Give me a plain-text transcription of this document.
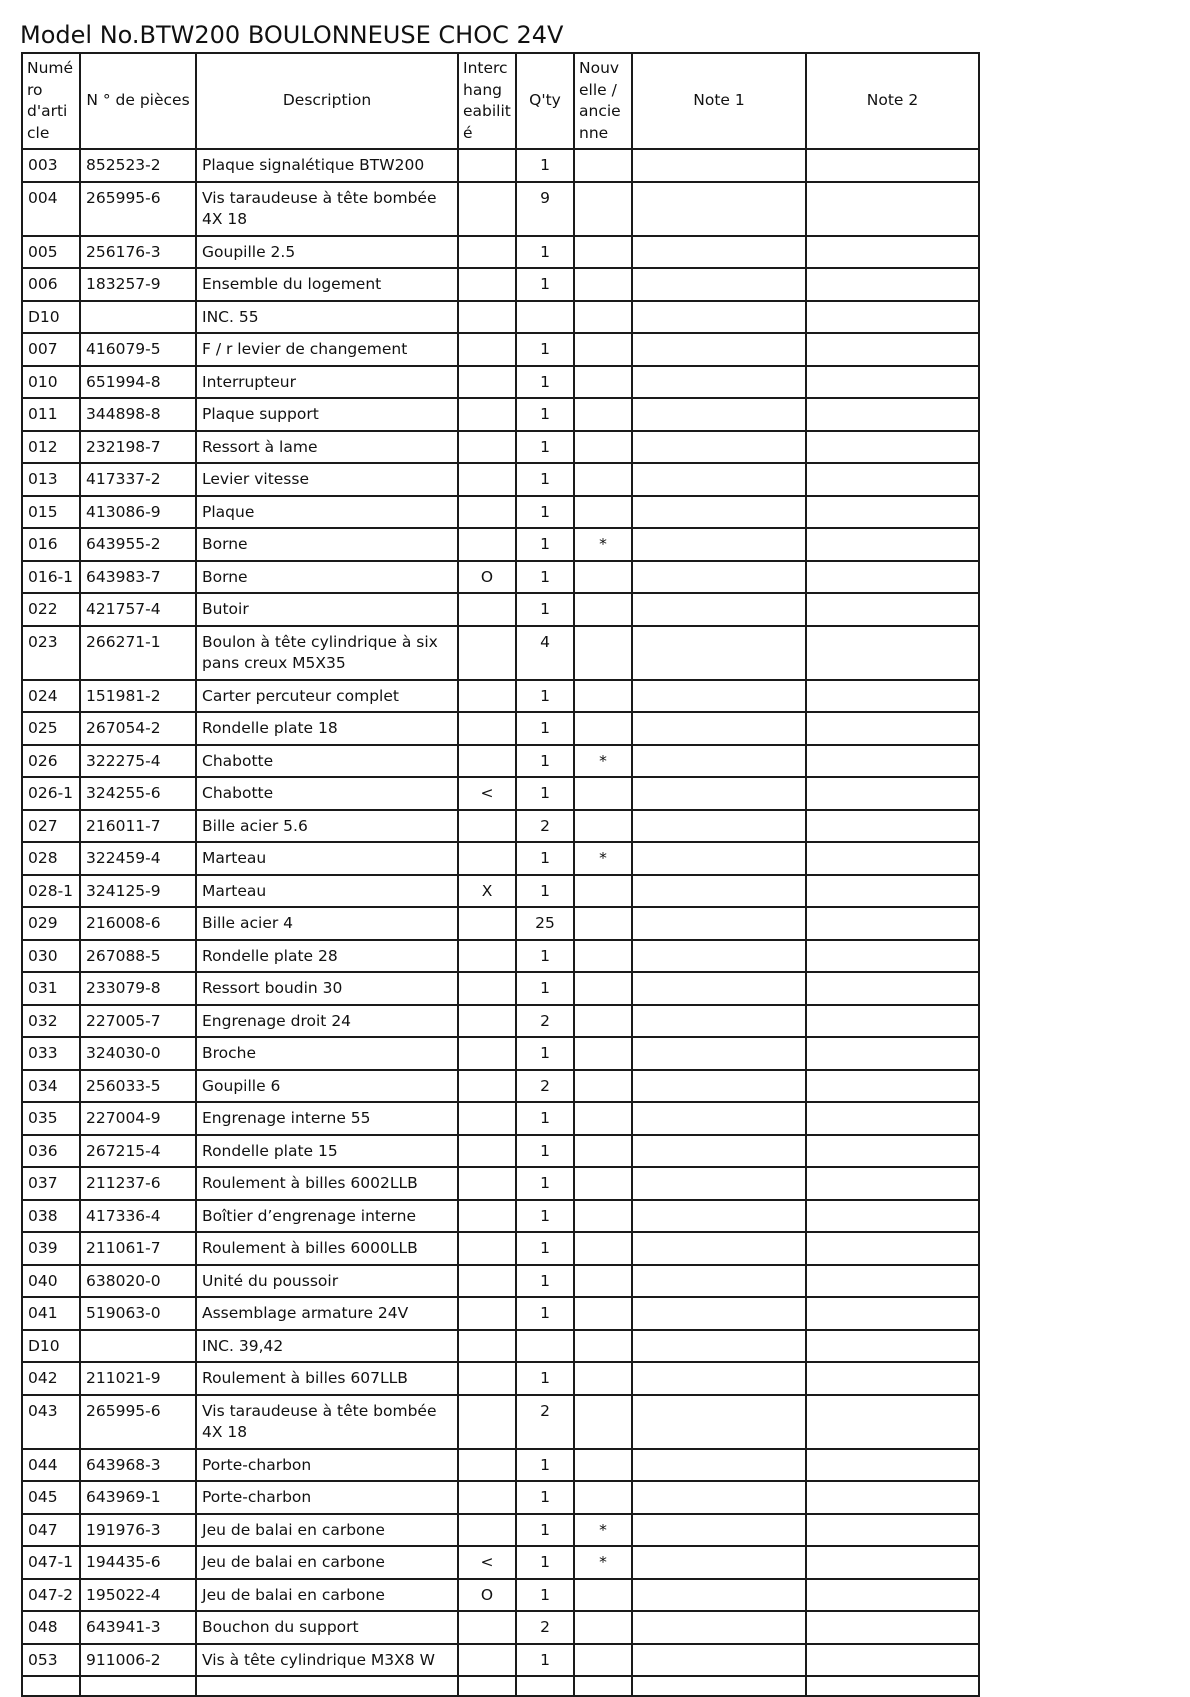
Model No.BTW200 BOULONNEUSE CHOC 24V
Numéro d'article	N ° de pièces	Description	Interchangeabilité	Q'ty	Nouvelle / ancienne	Note 1	Note 2
003	852523-2	Plaque signalétique BTW200		1			
004	265995-6	Vis taraudeuse à tête bombée 4X 18		9			
005	256176-3	Goupille 2.5		1			
006	183257-9	Ensemble du logement		1			
D10		INC. 55					
007	416079-5	F / r levier de changement		1			
010	651994-8	Interrupteur		1			
011	344898-8	Plaque support		1			
012	232198-7	Ressort à lame		1			
013	417337-2	Levier vitesse		1			
015	413086-9	Plaque		1			
016	643955-2	Borne		1	*		
016-1	643983-7	Borne	O	1			
022	421757-4	Butoir		1			
023	266271-1	Boulon à tête cylindrique à six pans creux M5X35		4			
024	151981-2	Carter percuteur complet		1			
025	267054-2	Rondelle plate 18		1			
026	322275-4	Chabotte		1	*		
026-1	324255-6	Chabotte	<	1			
027	216011-7	Bille acier 5.6		2			
028	322459-4	Marteau		1	*		
028-1	324125-9	Marteau	X	1			
029	216008-6	Bille acier 4		25			
030	267088-5	Rondelle plate 28		1			
031	233079-8	Ressort boudin 30		1			
032	227005-7	Engrenage droit 24		2			
033	324030-0	Broche		1			
034	256033-5	Goupille 6		2			
035	227004-9	Engrenage interne 55		1			
036	267215-4	Rondelle plate 15		1			
037	211237-6	Roulement à billes 6002LLB		1			
038	417336-4	Boîtier d’engrenage interne		1			
039	211061-7	Roulement à billes 6000LLB		1			
040	638020-0	Unité du poussoir		1			
041	519063-0	Assemblage armature 24V		1			
D10		INC. 39,42					
042	211021-9	Roulement à billes 607LLB		1			
043	265995-6	Vis taraudeuse à tête bombée 4X 18		2			
044	643968-3	Porte-charbon		1			
045	643969-1	Porte-charbon		1			
047	191976-3	Jeu de balai en carbone		1	*		
047-1	194435-6	Jeu de balai en carbone	<	1	*		
047-2	195022-4	Jeu de balai en carbone	O	1			
048	643941-3	Bouchon du support		2			
053	911006-2	Vis à tête cylindrique M3X8 W		1			
